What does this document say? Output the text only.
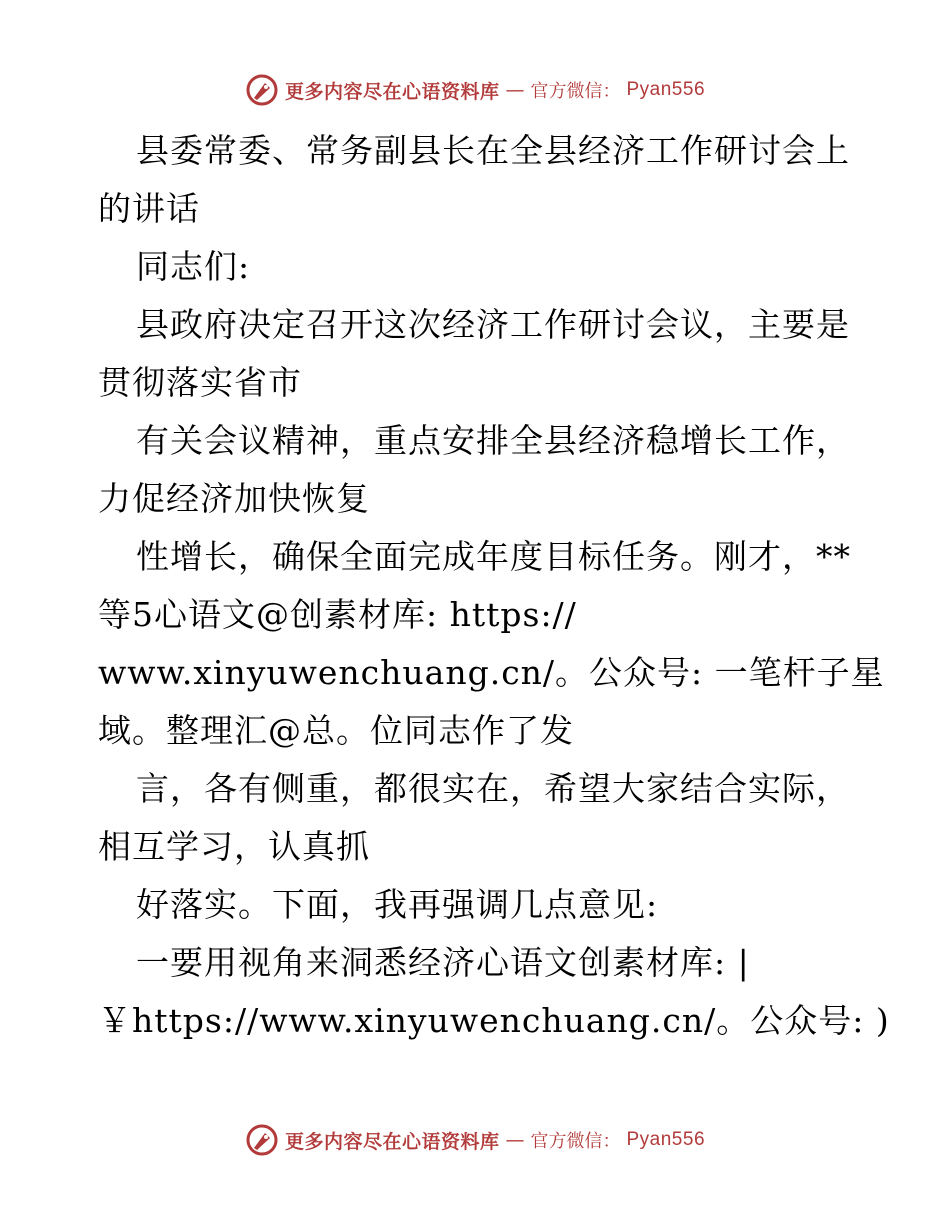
更多内容尽在心语资料库 — 官方微信： Pyan556
县委常委、常务副县长在全县经济工作研讨会上
的讲话
同志们:
县政府决定召开这次经济工作研讨会议，主要是
贯彻落实省市
有关会议精神，重点安排全县经济稳增长工作，
力促经济加快恢复
性增长，确保全面完成年度目标任务。刚才，**
等5心语文@创素材库: https://
www.xinyuwenchuang.cn/。公众号: 一笔杆子星
域。整理汇@总。位同志作了发
言，各有侧重，都很实在，希望大家结合实际，
相互学习，认真抓
好落实。下面，我再强调几点意见:
一要用视角来洞悉经济心语文创素材库: |
￥https://www.xinyuwenchuang.cn/。公众号: )
更多内容尽在心语资料库 — 官方微信： Pyan556
